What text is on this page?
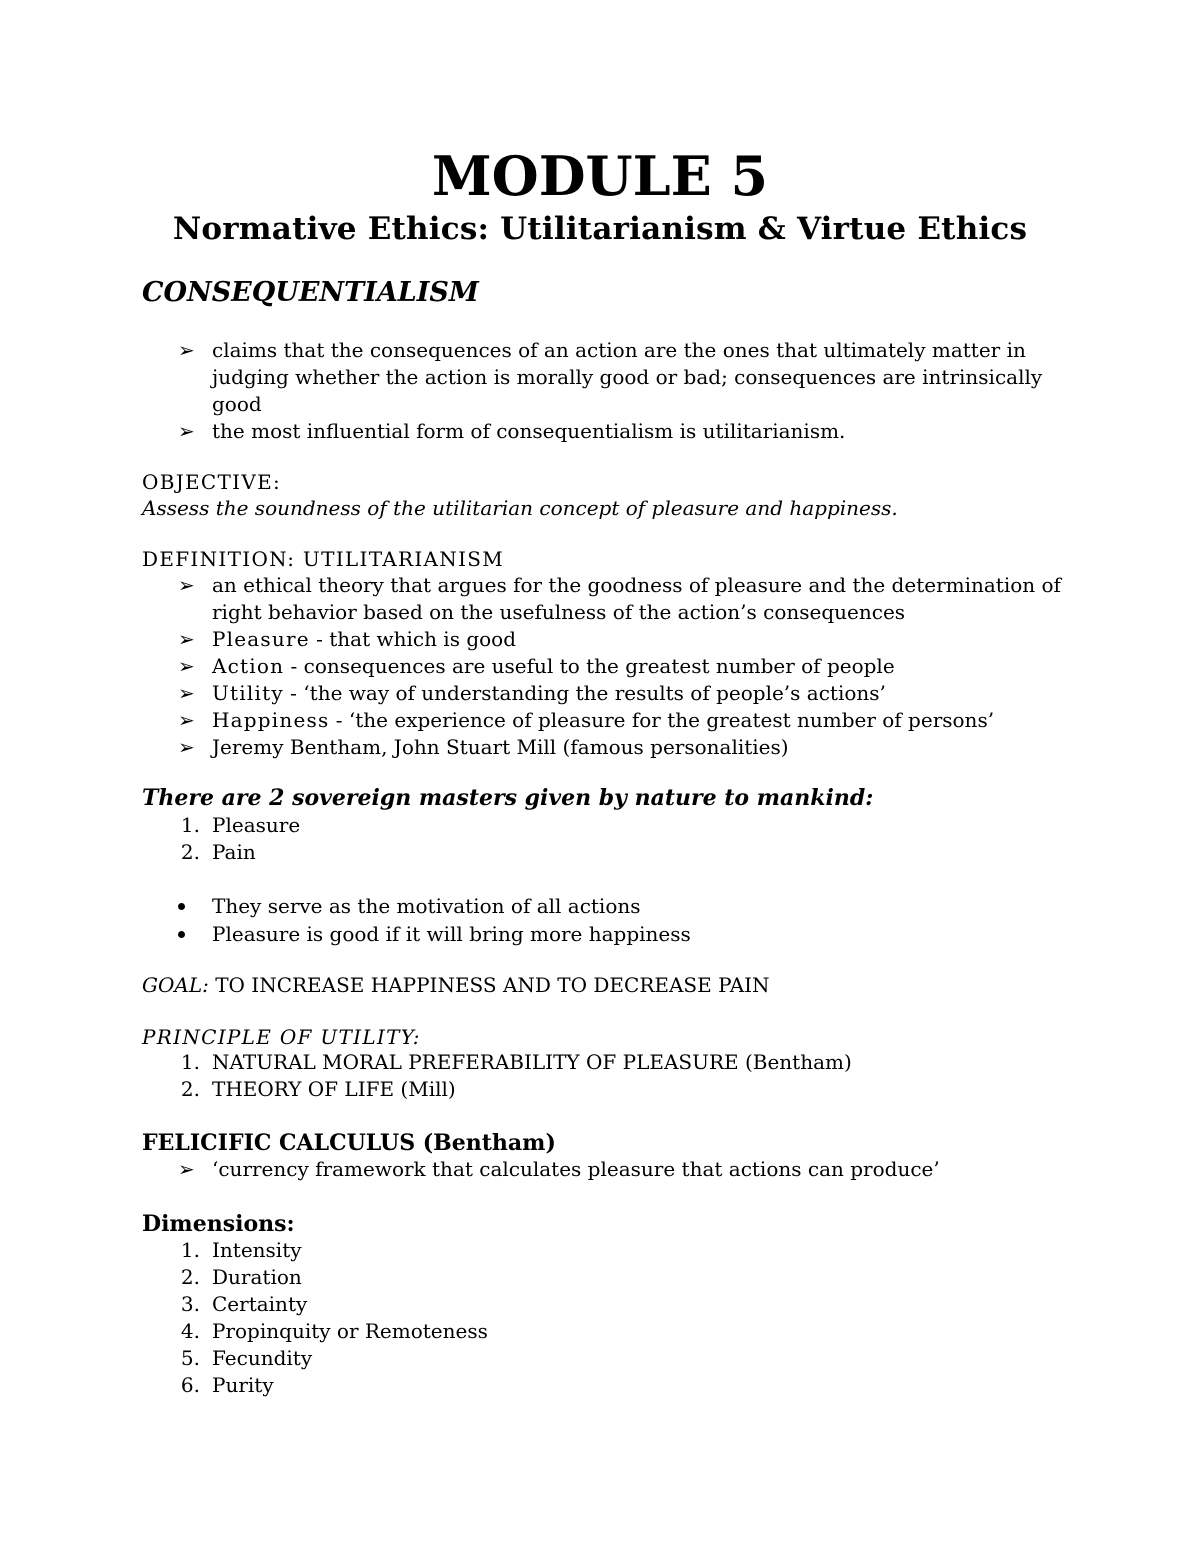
MODULE 5
Normative Ethics: Utilitarianism & Virtue Ethics
CONSEQUENTIALISM
➢ claims that the consequences of an action are the ones that ultimately matter in judging whether the action is morally good or bad; consequences are intrinsically good
➢ the most influential form of consequentialism is utilitarianism.
OBJECTIVE:
Assess the soundness of the utilitarian concept of pleasure and happiness.
DEFINITION: UTILITARIANISM
➢ an ethical theory that argues for the goodness of pleasure and the determination of right behavior based on the usefulness of the action’s consequences
➢ Pleasure - that which is good
➢ Action - consequences are useful to the greatest number of people
➢ Utility - ‘the way of understanding the results of people’s actions’
➢ Happiness - ‘the experience of pleasure for the greatest number of persons’
➢ Jeremy Bentham, John Stuart Mill (famous personalities)
There are 2 sovereign masters given by nature to mankind:
1. Pleasure
2. Pain
They serve as the motivation of all actions
Pleasure is good if it will bring more happiness
GOAL: TO INCREASE HAPPINESS AND TO DECREASE PAIN
PRINCIPLE OF UTILITY:
1. NATURAL MORAL PREFERABILITY OF PLEASURE (Bentham)
2. THEORY OF LIFE (Mill)
FELICIFIC CALCULUS (Bentham)
➢ ‘currency framework that calculates pleasure that actions can produce’
Dimensions:
1. Intensity
2. Duration
3. Certainty
4. Propinquity or Remoteness
5. Fecundity
6. Purity
